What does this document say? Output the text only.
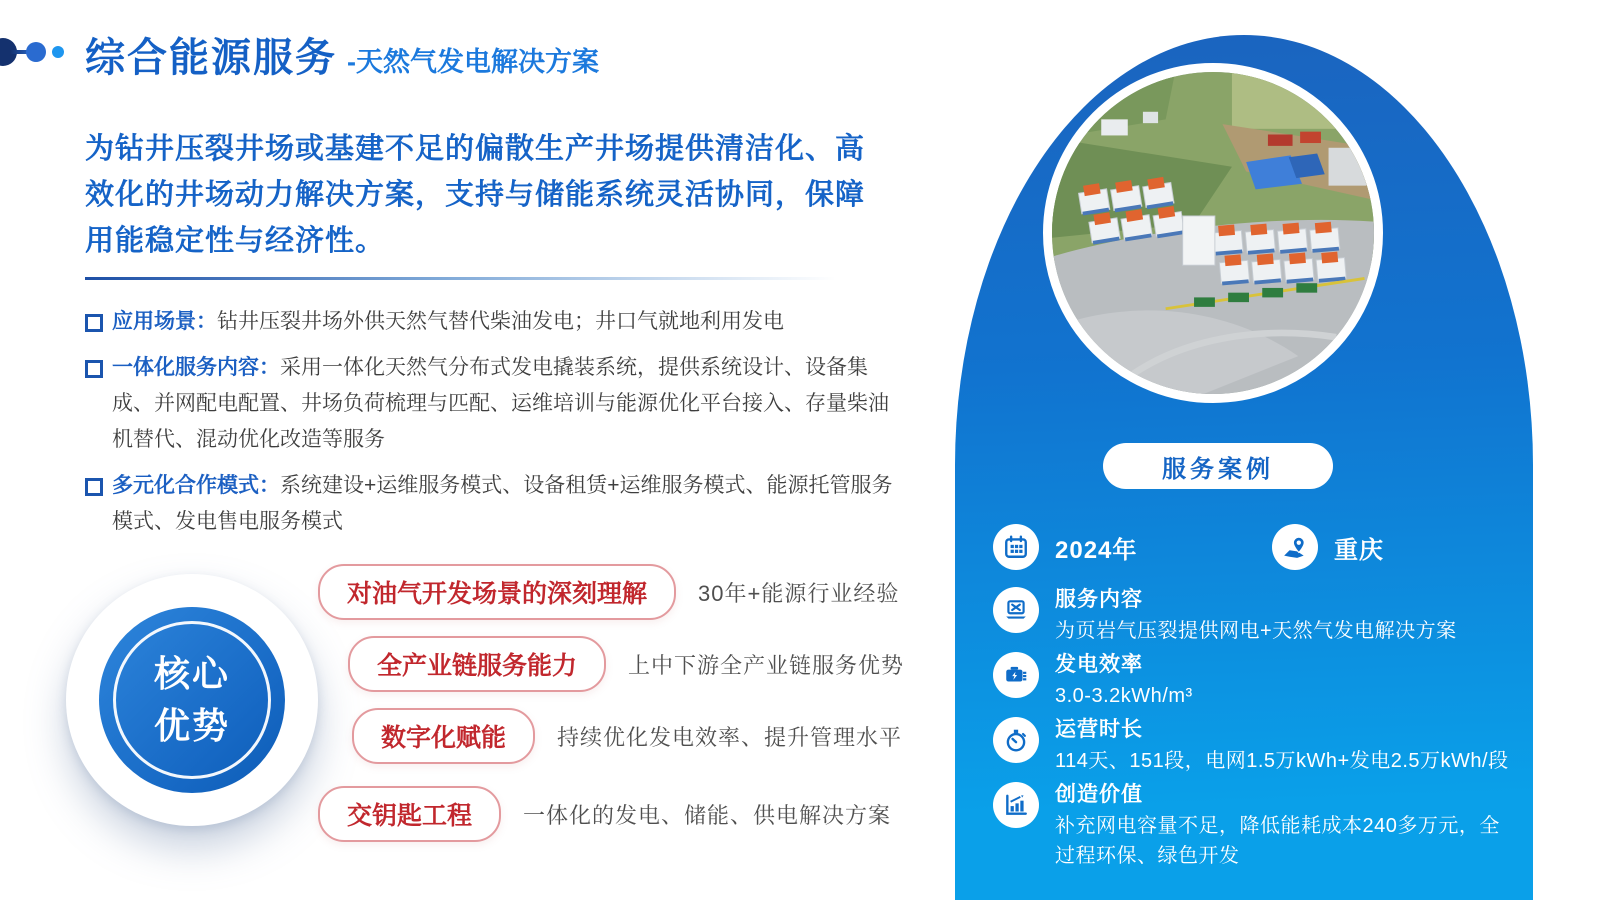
综合能源服务 -天然气发电解决方案
为钻井压裂井场或基建不足的偏散生产井场提供清洁化、高效化的井场动力解决方案，支持与储能系统灵活协同，保障用能稳定性与经济性。
应用场景：钻井压裂井场外供天然气替代柴油发电；井口气就地利用发电
一体化服务内容：采用一体化天然气分布式发电撬装系统，提供系统设计、设备集成、并网配电配置、井场负荷梳理与匹配、运维培训与能源优化平台接入、存量柴油机替代、混动优化改造等服务
多元化合作模式：系统建设+运维服务模式、设备租赁+运维服务模式、能源托管服务模式、发电售电服务模式
核心
优势
对油气开发场景的深刻理解	30年+能源行业经验
全产业链服务能力	上中下游全产业链服务优势
数字化赋能	持续优化发电效率、提升管理水平
交钥匙工程	一体化的发电、储能、供电解决方案
服务案例
2024年	重庆
服务内容
为页岩气压裂提供网电+天然气发电解决方案
发电效率
3.0-3.2kWh/m³
运营时长
114天、151段，电网1.5万kWh+发电2.5万kWh/段
创造价值
补充网电容量不足，降低能耗成本240多万元，全过程环保、绿色开发
